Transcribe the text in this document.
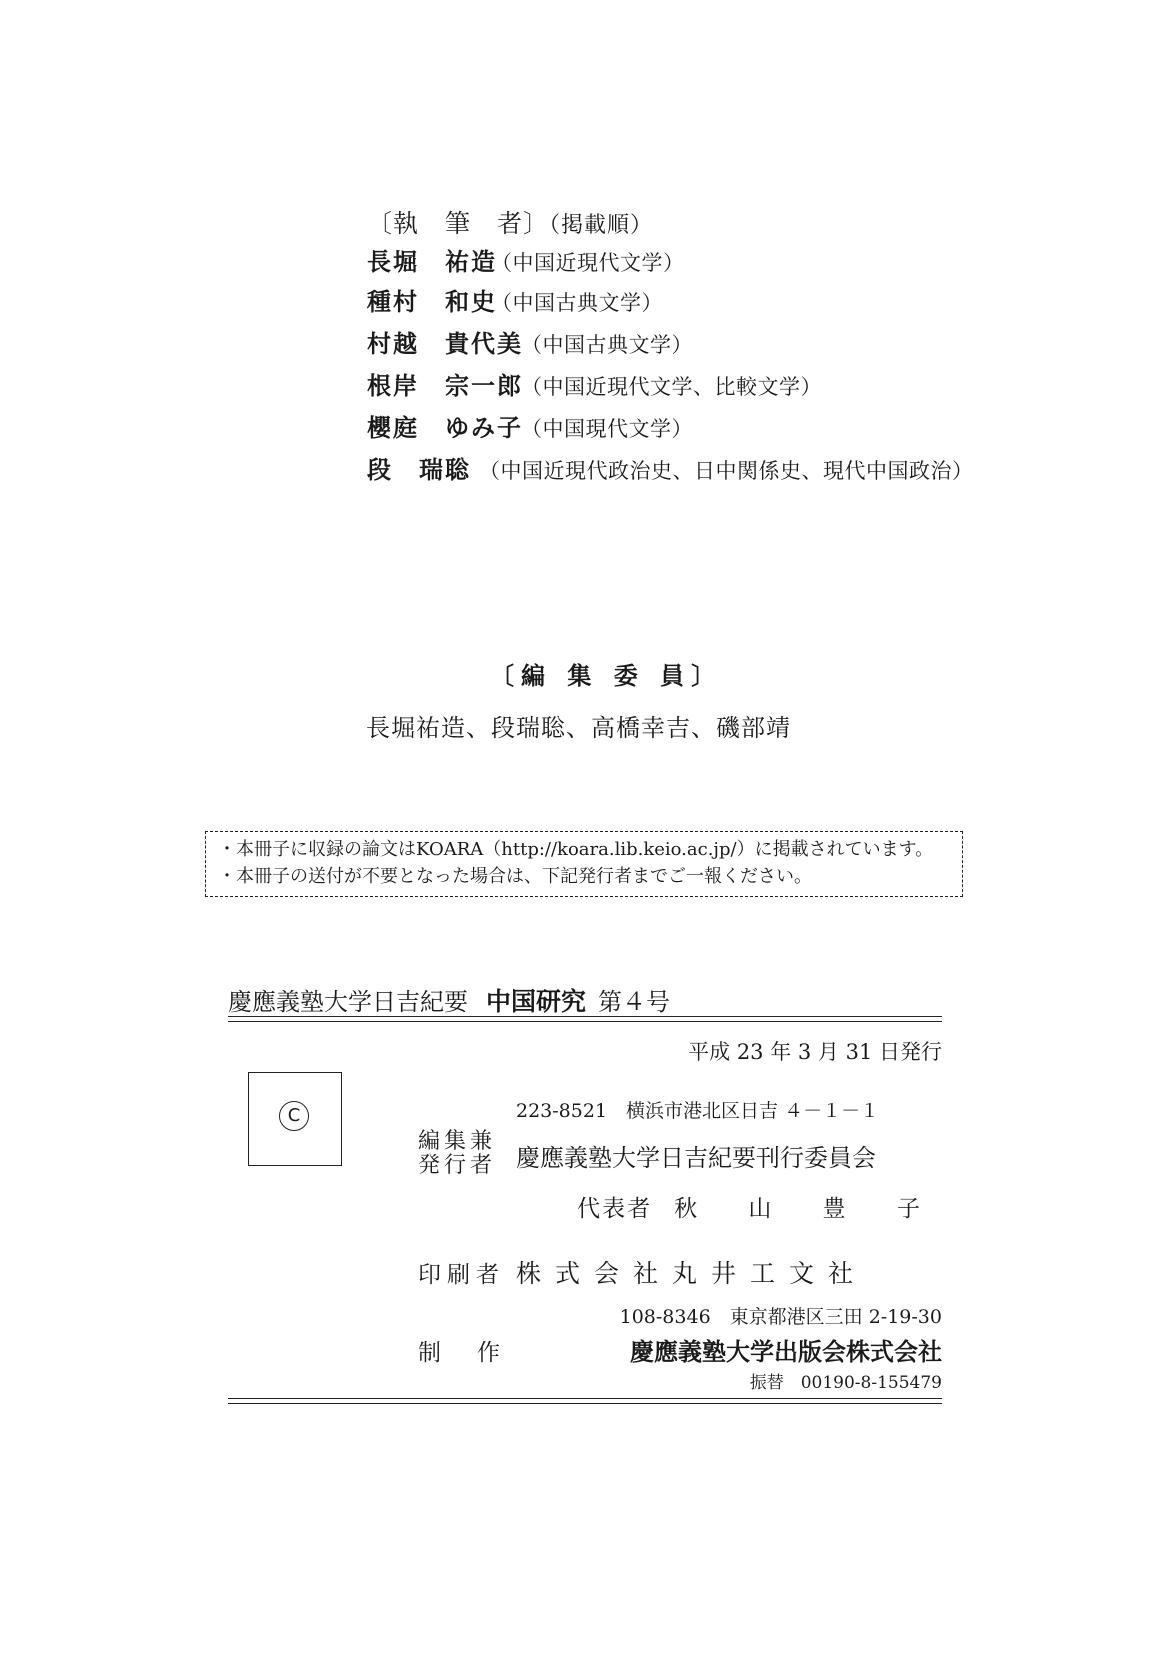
〔執　筆　者〕（掲載順）
長堀　祐造（中国近現代文学）
種村　和史（中国古典文学）
村越　貴代美（中国古典文学）
根岸　宗一郎（中国近現代文学、比較文学）
櫻庭　ゆみ子（中国現代文学）
段　瑞聡 （中国近現代政治史、日中関係史、現代中国政治）
〔編 集 委 員〕
長堀祐造、段瑞聡、高橋幸吉、磯部靖
・本冊子に収録の論文はKOARA（http://koara.lib.keio.ac.jp/）に掲載されています。
・本冊子の送付が不要となった場合は、下記発行者までご一報ください。
慶應義塾大学日吉紀要 中国研究 第４号
平成 23 年 3 月 31 日発行
C	223-8521　横浜市港北区日吉 ４－１－１
編集兼
発行者 慶應義塾大学日吉紀要刊行委員会
代表者 秋 山 豊 子
印刷者 株式会社丸井工文社
108-8346　東京都港区三田 2-19-30
制作	慶應義塾大学出版会株式会社
振替　00190-8-155479
